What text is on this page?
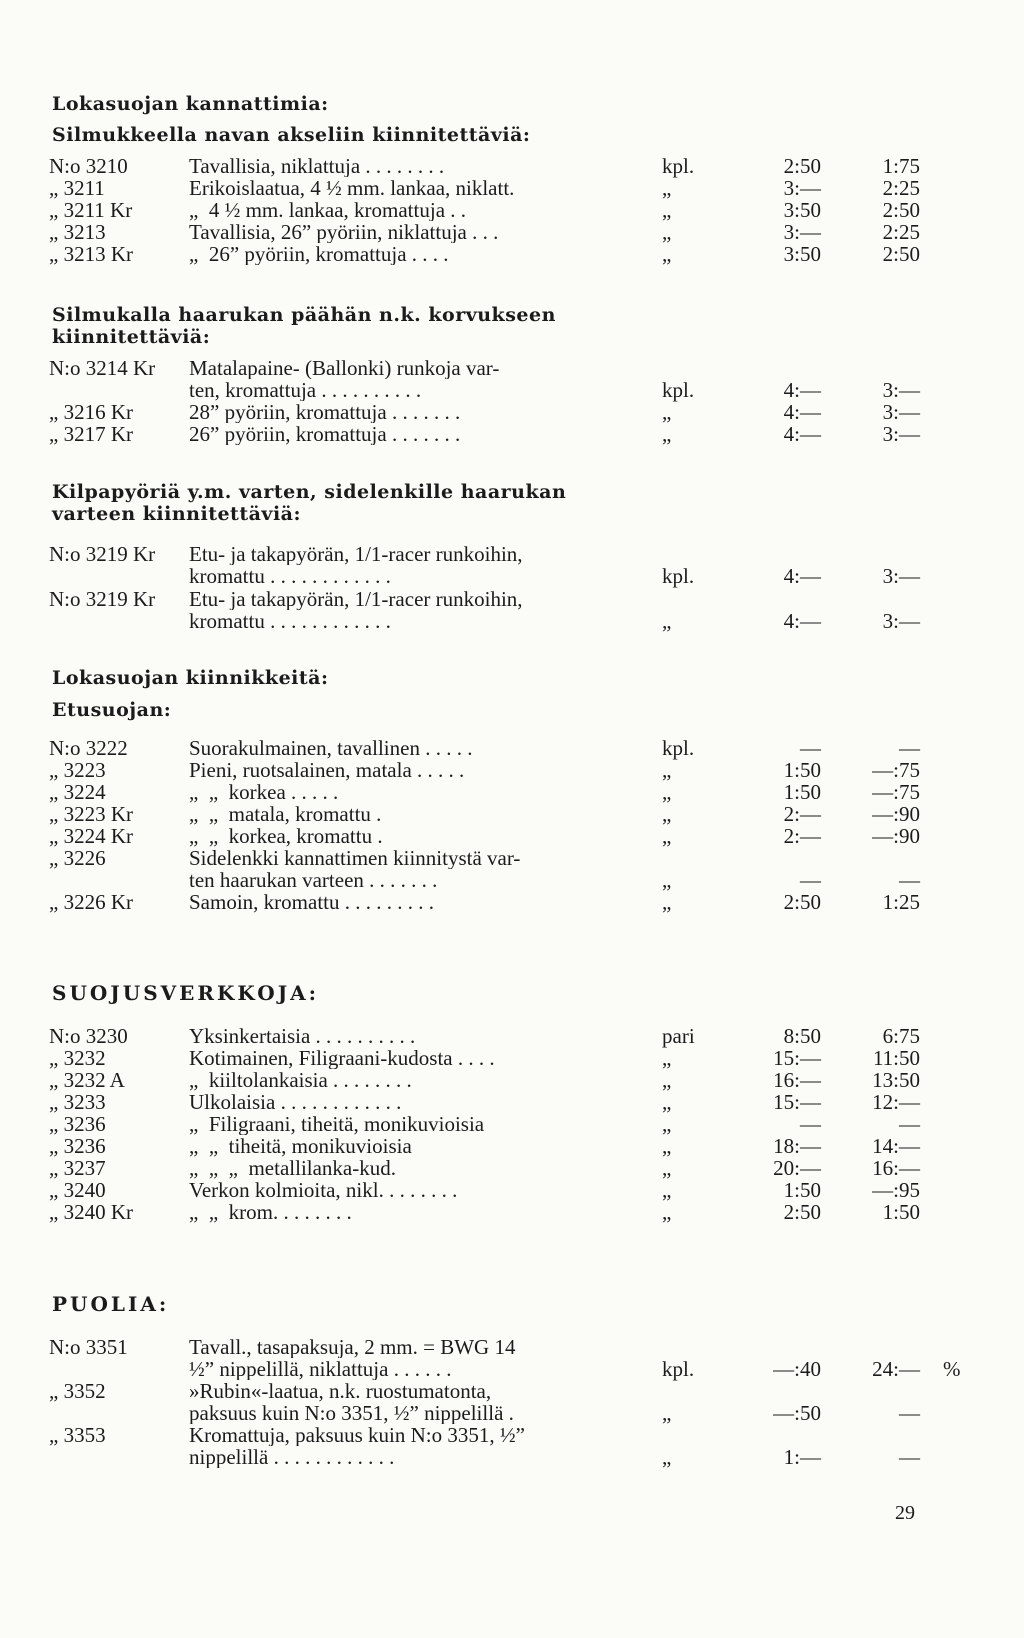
Lokasuojan kannattimia:
Silmukkeella navan akseliin kiinnitettäviä:
N:o 3210	Tavallisia, niklattuja . . . . . . . .	kpl.	2:50	1:75
„ 3211	Erikoislaatua, 4 ½ mm. lankaa, niklatt.	„	3:—	2:25
„ 3211 Kr	„  4 ½ mm. lankaa, kromattuja . .	„	3:50	2:50
„ 3213	Tavallisia, 26” pyöriin, niklattuja . . .	„	3:—	2:25
„ 3213 Kr	„  26” pyöriin, kromattuja . . . .	„	3:50	2:50
Silmukalla haarukan päähän n.k. korvukseen
kiinnitettäviä:
N:o 3214 Kr	Matalapaine- (Ballonki) runkoja var-
ten, kromattuja . . . . . . . . . .	kpl.	4:—	3:—
„ 3216 Kr	28” pyöriin, kromattuja . . . . . . .	„	4:—	3:—
„ 3217 Kr	26” pyöriin, kromattuja . . . . . . .	„	4:—	3:—
Kilpapyöriä y.m. varten, sidelenkille haarukan
varteen kiinnitettäviä:
N:o 3219 Kr	Etu- ja takapyörän, 1/1-racer runkoihin,
kromattu . . . . . . . . . . . .	kpl.	4:—	3:—
N:o 3219 Kr	Etu- ja takapyörän, 1/1-racer runkoihin,
kromattu . . . . . . . . . . . .	„	4:—	3:—
Lokasuojan kiinnikkeitä:
Etusuojan:
N:o 3222	Suorakulmainen, tavallinen . . . . .	kpl.	—	—
„ 3223	Pieni, ruotsalainen, matala . . . . .	„	1:50	—:75
„ 3224	„  „  korkea . . . . .	„	1:50	—:75
„ 3223 Kr	„  „  matala, kromattu .	„	2:—	—:90
„ 3224 Kr	„  „  korkea, kromattu .	„	2:—	—:90
„ 3226	Sidelenkki kannattimen kiinnitystä var-
ten haarukan varteen . . . . . . .	„	—	—
„ 3226 Kr	Samoin, kromattu . . . . . . . . .	„	2:50	1:25
SUOJUSVERKKOJA:
N:o 3230	Yksinkertaisia . . . . . . . . . .	pari	8:50	6:75
„ 3232	Kotimainen, Filigraani-kudosta . . . .	„	15:—	11:50
„ 3232 A	„  kiiltolankaisia . . . . . . . .	„	16:—	13:50
„ 3233	Ulkolaisia . . . . . . . . . . . .	„	15:—	12:—
„ 3236	„  Filigraani, tiheitä, monikuvioisia	„	—	—
„ 3236	„  „  tiheitä, monikuvioisia	„	18:—	14:—
„ 3237	„  „  „  metallilanka-kud.	„	20:—	16:—
„ 3240	Verkon kolmioita, nikl. . . . . . . .	„	1:50	—:95
„ 3240 Kr	„  „  krom. . . . . . . .	„	2:50	1:50
PUOLIA:
N:o 3351	Tavall., tasapaksuja, 2 mm. = BWG 14
½” nippelillä, niklattuja . . . . . .	kpl.	—:40	24:— %
„ 3352	»Rubin«-laatua, n.k. ruostumatonta,
paksuus kuin N:o 3351, ½” nippelillä .	„	—:50	—
„ 3353	Kromattuja, paksuus kuin N:o 3351, ½”
nippelillä . . . . . . . . . . . .	„	1:—	—
29
